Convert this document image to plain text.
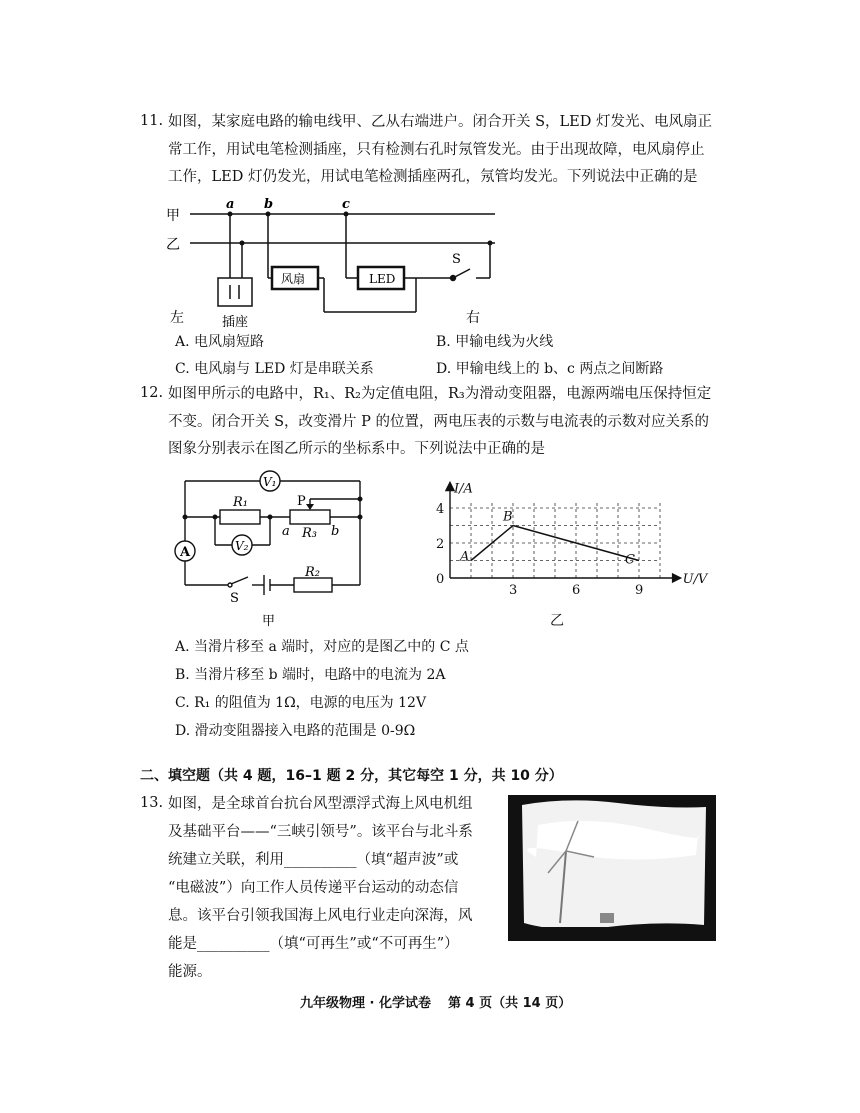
11. 如图，某家庭电路的输电线甲、乙从右端进户。闭合开关 S，LED 灯发光、电风扇正
常工作，用试电笔检测插座，只有检测右孔时氖管发光。由于出现故障，电风扇停止
工作，LED 灯仍发光，用试电笔检测插座两孔，氖管均发光。下列说法中正确的是
甲
乙
a b	c
风扇	LED
S
左	插座	右
A. 电风扇短路	B. 甲输电线为火线
C. 电风扇与 LED 灯是串联关系	D. 甲输电线上的 b、c 两点之间断路
12. 如图甲所示的电路中，R₁、R₂为定值电阻，R₃为滑动变阻器，电源两端电压保持恒定
不变。闭合开关 S，改变滑片 P 的位置，两电压表的示数与电流表的示数对应关系的
图象分别表示在图乙所示的坐标系中。下列说法中正确的是
V₁
V₂
A
R₁
R₂
R₃
P
a	b
S
甲
3	6	9
2
4
0
I/A
U/V
A
B
C
乙
A. 当滑片移至 a 端时，对应的是图乙中的 C 点
B. 当滑片移至 b 端时，电路中的电流为 2A
C. R₁ 的阻值为 1Ω，电源的电压为 12V
D. 滑动变阻器接入电路的范围是 0-9Ω
二、填空题（共 4 题，16–1 题 2 分，其它每空 1 分，共 10 分）
13. 如图，是全球首台抗台风型漂浮式海上风电机组
及基础平台——“三峡引领号”。该平台与北斗系
统建立关联，利用__________（填“超声波”或
“电磁波”）向工作人员传递平台运动的动态信
息。该平台引领我国海上风电行业走向深海，风
能是__________（填“可再生”或“不可再生”）
能源。
九年级物理 · 化学试卷 第 4 页（共 14 页）
